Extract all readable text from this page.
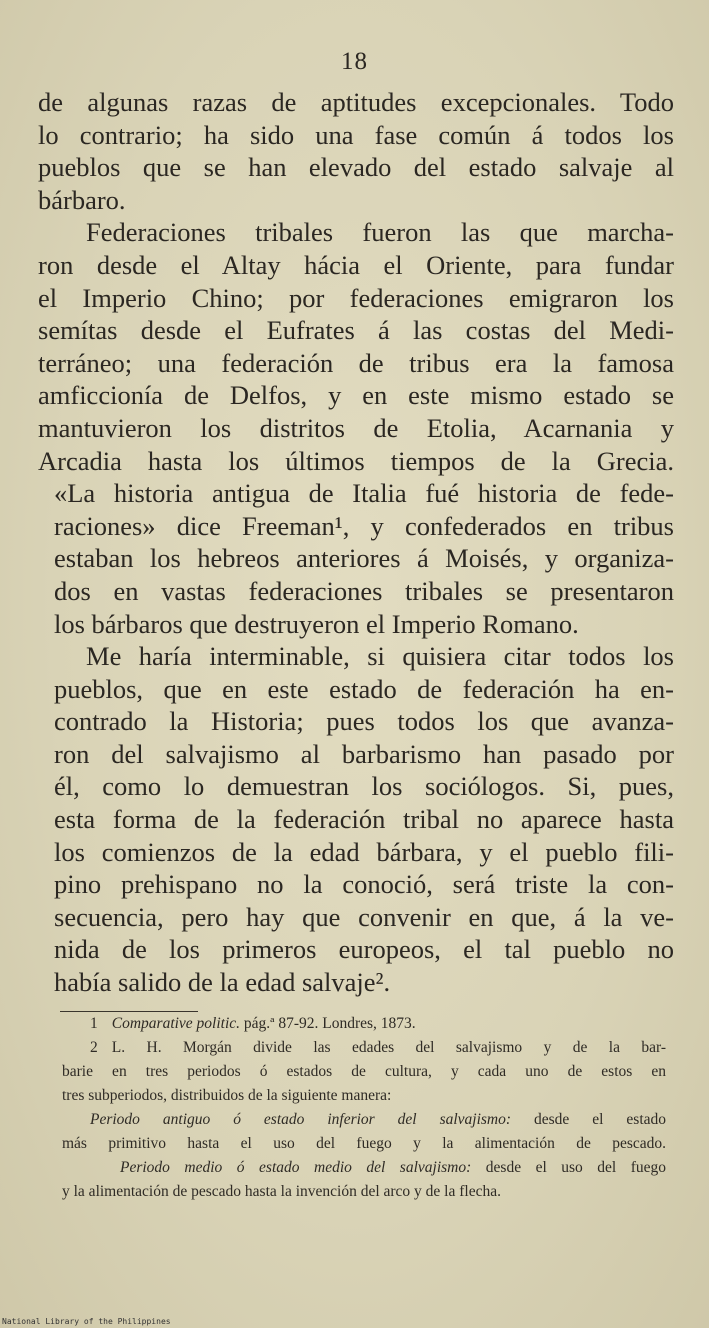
18
de algunas razas de aptitudes excepcionales. Todo
lo contrario; ha sido una fase común á todos los
pueblos que se han elevado del estado salvaje al
bárbaro.
Federaciones tribales fueron las que marcha-
ron desde el Altay hácia el Oriente, para fundar
el Imperio Chino; por federaciones emigraron los
semítas desde el Eufrates á las costas del Medi-
terráneo; una federación de tribus era la famosa
amficcionía de Delfos, y en este mismo estado se
mantuvieron los distritos de Etolia, Acarnania y
Arcadia hasta los últimos tiempos de la Grecia.
«La historia antigua de Italia fué historia de fede-
raciones» dice Freeman¹, y confederados en tribus
estaban los hebreos anteriores á Moisés, y organiza-
dos en vastas federaciones tribales se presentaron
los bárbaros que destruyeron el Imperio Romano.
Me haría interminable, si quisiera citar todos los
pueblos, que en este estado de federación ha en-
contrado la Historia; pues todos los que avanza-
ron del salvajismo al barbarismo han pasado por
él, como lo demuestran los sociólogos. Si, pues,
esta forma de la federación tribal no aparece hasta
los comienzos de la edad bárbara, y el pueblo fili-
pino prehispano no la conoció, será triste la con-
secuencia, pero hay que convenir en que, á la ve-
nida de los primeros europeos, el tal pueblo no
había salido de la edad salvaje².
1 Comparative politic. pág.ª 87-92. Londres, 1873.
2 L. H. Morgán divide las edades del salvajismo y de la bar-
barie en tres periodos ó estados de cultura, y cada uno de estos en
tres subperiodos, distribuidos de la siguiente manera:
Periodo antiguo ó estado inferior del salvajismo: desde el estado
más primitivo hasta el uso del fuego y la alimentación de pescado.
Periodo medio ó estado medio del salvajismo: desde el uso del fuego
y la alimentación de pescado hasta la invención del arco y de la flecha.
National Library of the Philippines
